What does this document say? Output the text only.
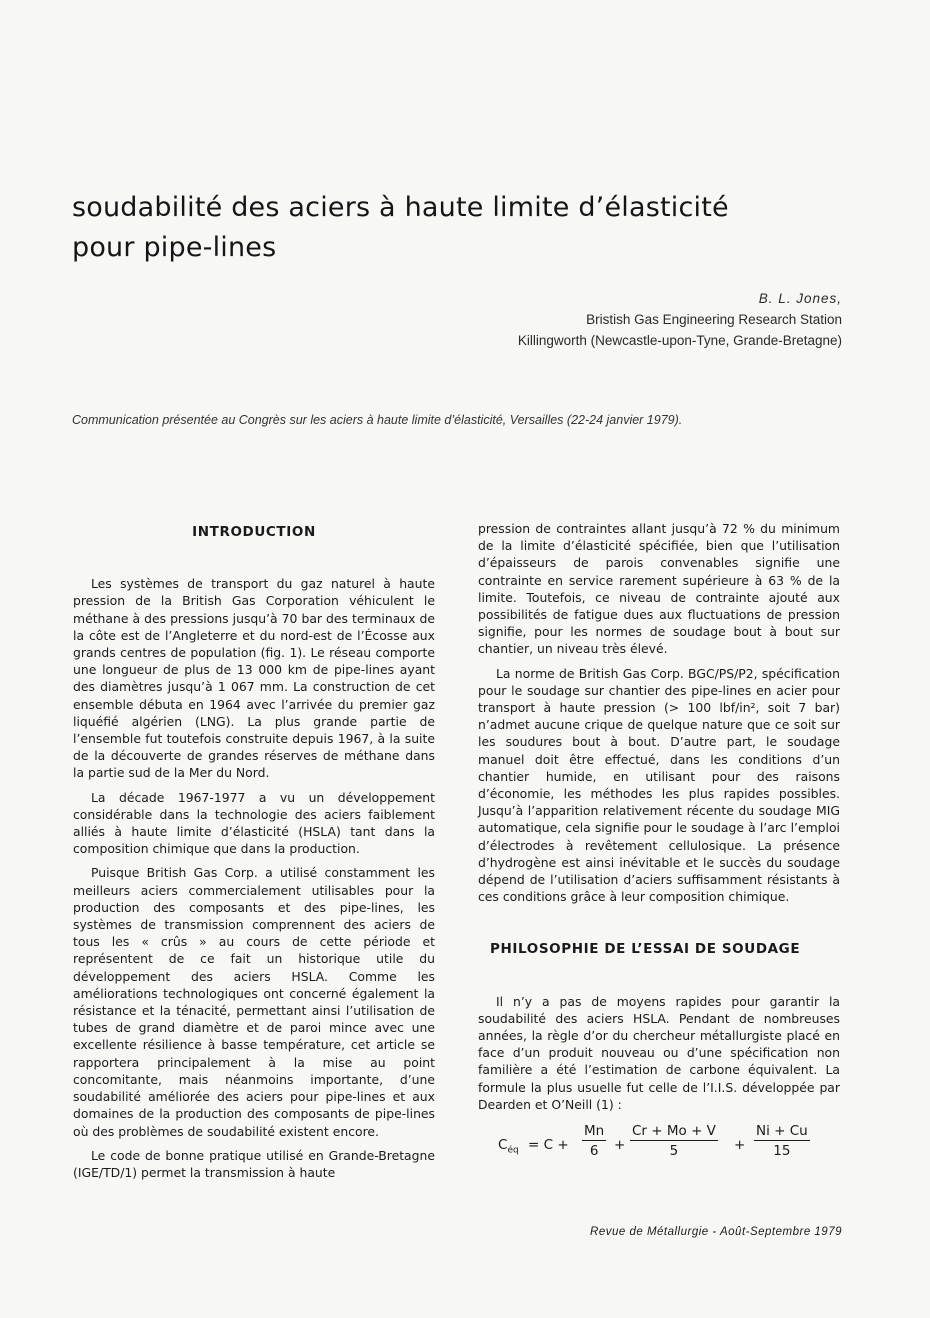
soudabilité des aciers à haute limite d’élasticité
pour pipe-lines
B. L. Jones,
Bristish Gas Engineering Research Station
Killingworth (Newcastle-upon-Tyne, Grande-Bretagne)
Communication présentée au Congrès sur les aciers à haute limite d’élasticité, Versailles (22-24 janvier 1979).
INTRODUCTION

Les systèmes de transport du gaz naturel à haute pression de la British Gas Corporation véhiculent le méthane à des pressions jusqu’à 70 bar des terminaux de la côte est de l’Angleterre et du nord-est de l’Écosse aux grands centres de population (fig. 1). Le réseau comporte une longueur de plus de 13 000 km de pipe-lines ayant des diamètres jusqu’à 1 067 mm. La construction de cet ensemble débuta en 1964 avec l’arrivée du premier gaz liquéfié algérien (LNG). La plus grande partie de l’ensemble fut toutefois construite depuis 1967, à la suite de la découverte de grandes réserves de méthane dans la partie sud de la Mer du Nord.

La décade 1967-1977 a vu un développement considérable dans la technologie des aciers faiblement alliés à haute limite d’élasticité (HSLA) tant dans la composition chimique que dans la production.

Puisque British Gas Corp. a utilisé constamment les meilleurs aciers commercialement utilisables pour la production des composants et des pipe-lines, les systèmes de transmission comprennent des aciers de tous les « crûs » au cours de cette période et représentent de ce fait un historique utile du développement des aciers HSLA. Comme les améliorations technologiques ont concerné également la résistance et la ténacité, permettant ainsi l’utilisation de tubes de grand diamètre et de paroi mince avec une excellente résilience à basse température, cet article se rapportera principalement à la mise au point concomitante, mais néanmoins importante, d’une soudabilité améliorée des aciers pour pipe-lines et aux domaines de la production des composants de pipe-lines où des problèmes de soudabilité existent encore.

Le code de bonne pratique utilisé en Grande-Bretagne (IGE/TD/1) permet la transmission à haute

pression de contraintes allant jusqu’à 72 % du minimum de la limite d’élasticité spécifiée, bien que l’utilisation d’épaisseurs de parois convenables signifie une contrainte en service rarement supérieure à 63 % de la limite. Toutefois, ce niveau de contrainte ajouté aux possibilités de fatigue dues aux fluctuations de pression signifie, pour les normes de soudage bout à bout sur chantier, un niveau très élevé.

La norme de British Gas Corp. BGC/PS/P2, spécification pour le soudage sur chantier des pipe-lines en acier pour transport à haute pression (> 100 lbf/in², soit 7 bar) n’admet aucune crique de quelque nature que ce soit sur les soudures bout à bout. D’autre part, le soudage manuel doit être effectué, dans les conditions d’un chantier humide, en utilisant pour des raisons d’économie, les méthodes les plus rapides possibles. Jusqu’à l’apparition relativement récente du soudage MIG automatique, cela signifie pour le soudage à l’arc l’emploi d’électrodes à revêtement cellulosique. La présence d’hydrogène est ainsi inévitable et le succès du soudage dépend de l’utilisation d’aciers suffisamment résistants à ces conditions grâce à leur composition chimique.

PHILOSOPHIE DE L’ESSAI DE SOUDAGE

Il n’y a pas de moyens rapides pour garantir la soudabilité des aciers HSLA. Pendant de nombreuses années, la règle d’or du chercheur métallurgiste placé en face d’un produit nouveau ou d’une spécification non familière a été l’estimation de carbone équivalent. La formule la plus usuelle fut celle de l’I.I.S. développée par Dearden et O’Neill (1) :

$C_{éq} = C + \frac{Mn}{6} + \frac{Cr + Mo + V}{5} + \frac{Ni + Cu}{15}$
Revue de Métallurgie - Août-Septembre 1979
